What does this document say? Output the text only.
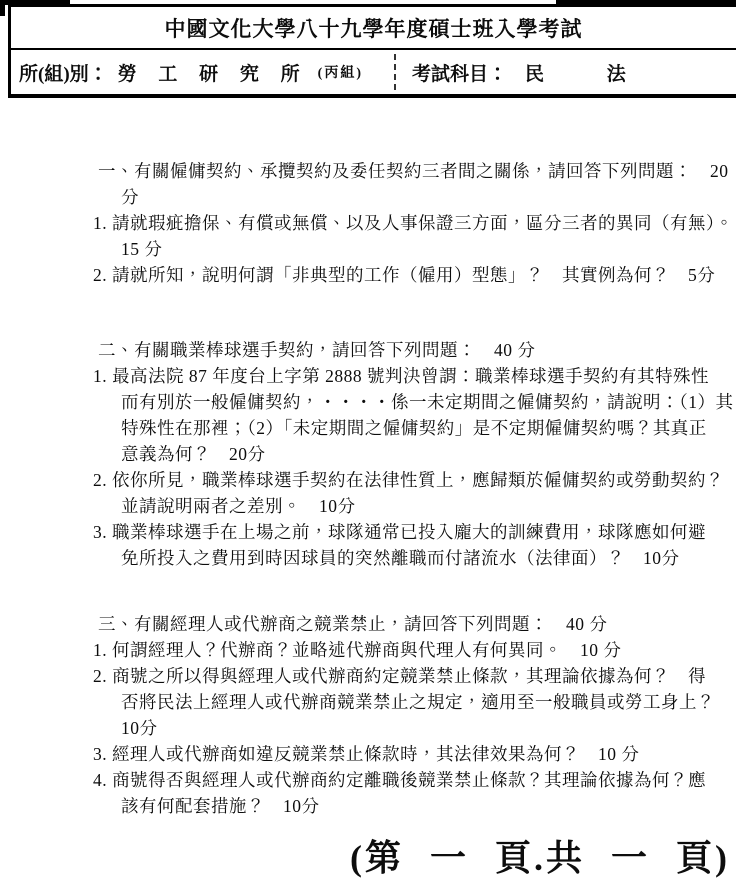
中國文化大學八十九學年度碩士班入學考試
所(組)別： 勞 工 研 究 所 (丙組)	考試科目： 民 法
一、有關僱傭契約、承攬契約及委任契約三者間之關係，請回答下列問題：　20
分
1. 請就瑕疵擔保、有償或無償、以及人事保證三方面，區分三者的異同（有無）。
15 分
2. 請就所知，說明何謂「非典型的工作（僱用）型態」？　其實例為何？　5分
二、有關職業棒球選手契約，請回答下列問題：　40 分
1. 最高法院 87 年度台上字第 2888 號判決曾謂：職業棒球選手契約有其特殊性
而有別於一般僱傭契約，・・・・係一未定期間之僱傭契約，請說明：（1）其
特殊性在那裡；（2）「未定期間之僱傭契約」是不定期僱傭契約嗎？其真正
意義為何？　20分
2. 依你所見，職業棒球選手契約在法律性質上，應歸類於僱傭契約或勞動契約？
並請說明兩者之差別。　10分
3. 職業棒球選手在上場之前，球隊通常已投入龐大的訓練費用，球隊應如何避
免所投入之費用到時因球員的突然離職而付諸流水（法律面）？　10分
三、有關經理人或代辦商之競業禁止，請回答下列問題：　40 分
1. 何謂經理人？代辦商？並略述代辦商與代理人有何異同。　10 分
2. 商號之所以得與經理人或代辦商約定競業禁止條款，其理論依據為何？　得
否將民法上經理人或代辦商競業禁止之規定，適用至一般職員或勞工身上？
10分
3. 經理人或代辦商如違反競業禁止條款時，其法律效果為何？　10 分
4. 商號得否與經理人或代辦商約定離職後競業禁止條款？其理論依據為何？應
該有何配套措施？　10分
(第 一 頁.共 一 頁)
